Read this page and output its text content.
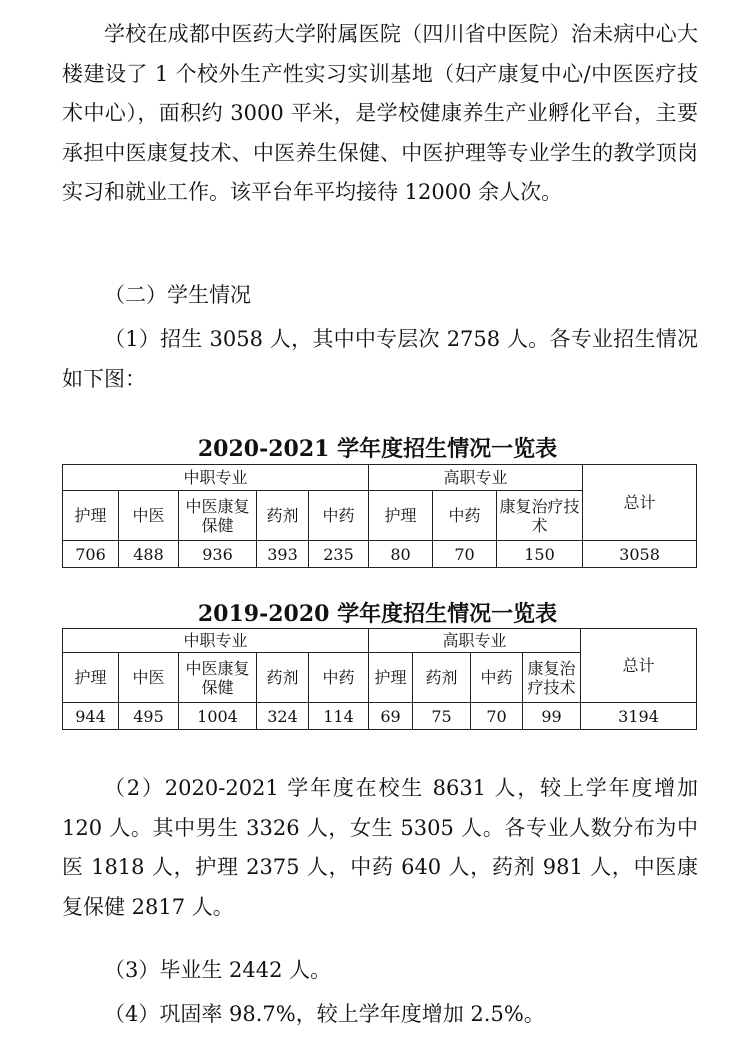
学校在成都中医药大学附属医院（四川省中医院）治未病中心大楼建设了 1 个校外生产性实习实训基地（妇产康复中心/中医医疗技术中心），面积约 3000 平米，是学校健康养生产业孵化平台，主要承担中医康复技术、中医养生保健、中医护理等专业学生的教学顶岗实习和就业工作。该平台年平均接待 12000 余人次。

（二）学生情况

（1）招生 3058 人，其中中专层次 2758 人。各专业招生情况如下图：

2020-2021 学年度招生情况一览表

中职专业					高职专业			总计
护理	中医	中医康复保健	药剂	中药	护理	中药	康复治疗技术	
706	488	936	393	235	80	70	150	3058

2019-2020 学年度招生情况一览表

中职专业					高职专业				总计
护理	中医	中医康复保健	药剂	中药	护理	药剂	中药	康复治疗技术	
944	495	1004	324	114	69	75	70	99	3194

（2）2020-2021 学年度在校生 8631 人，较上学年度增加 120 人。其中男生 3326 人，女生 5305 人。各专业人数分布为中医 1818 人，护理 2375 人，中药 640 人，药剂 981 人，中医康复保健 2817 人。

（3）毕业生 2442 人。

（4）巩固率 98.7%，较上学年度增加 2.5%。
